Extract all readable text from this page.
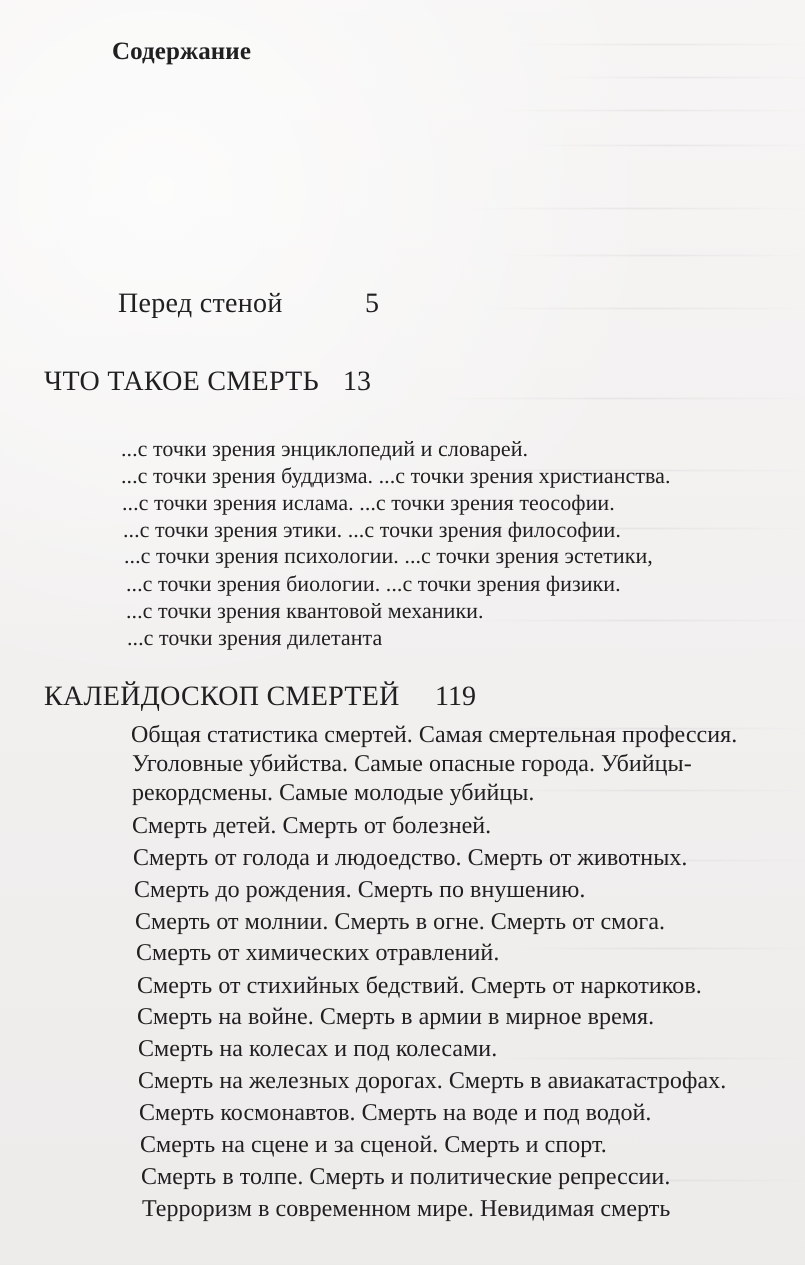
Содержание
Перед стеной	5
ЧТО ТАКОЕ СМЕРТЬ 13
...с точки зрения энциклопедий и словарей.
...с точки зрения буддизма. ...с точки зрения христианства.
...с точки зрения ислама. ...с точки зрения теософии.
...с точки зрения этики. ...с точки зрения философии.
...с точки зрения психологии. ...с точки зрения эстетики,
...с точки зрения биологии. ...с точки зрения физики.
...с точки зрения квантовой механики.
...с точки зрения дилетанта
КАЛЕЙДОСКОП СМЕРТЕЙ 119
Общая статистика смертей. Самая смертельная профессия.
Уголовные убийства. Самые опасные города. Убийцы-
рекордсмены. Самые молодые убийцы.
Смерть детей. Смерть от болезней.
Смерть от голода и людоедство. Смерть от животных.
Смерть до рождения. Смерть по внушению.
Смерть от молнии. Смерть в огне. Смерть от смога.
Смерть от химических отравлений.
Смерть от стихийных бедствий. Смерть от наркотиков.
Смерть на войне. Смерть в армии в мирное время.
Смерть на колесах и под колесами.
Смерть на железных дорогах. Смерть в авиакатастрофах.
Смерть космонавтов. Смерть на воде и под водой.
Смерть на сцене и за сценой. Смерть и спорт.
Смерть в толпе. Смерть и политические репрессии.
Терроризм в современном мире. Невидимая смерть
